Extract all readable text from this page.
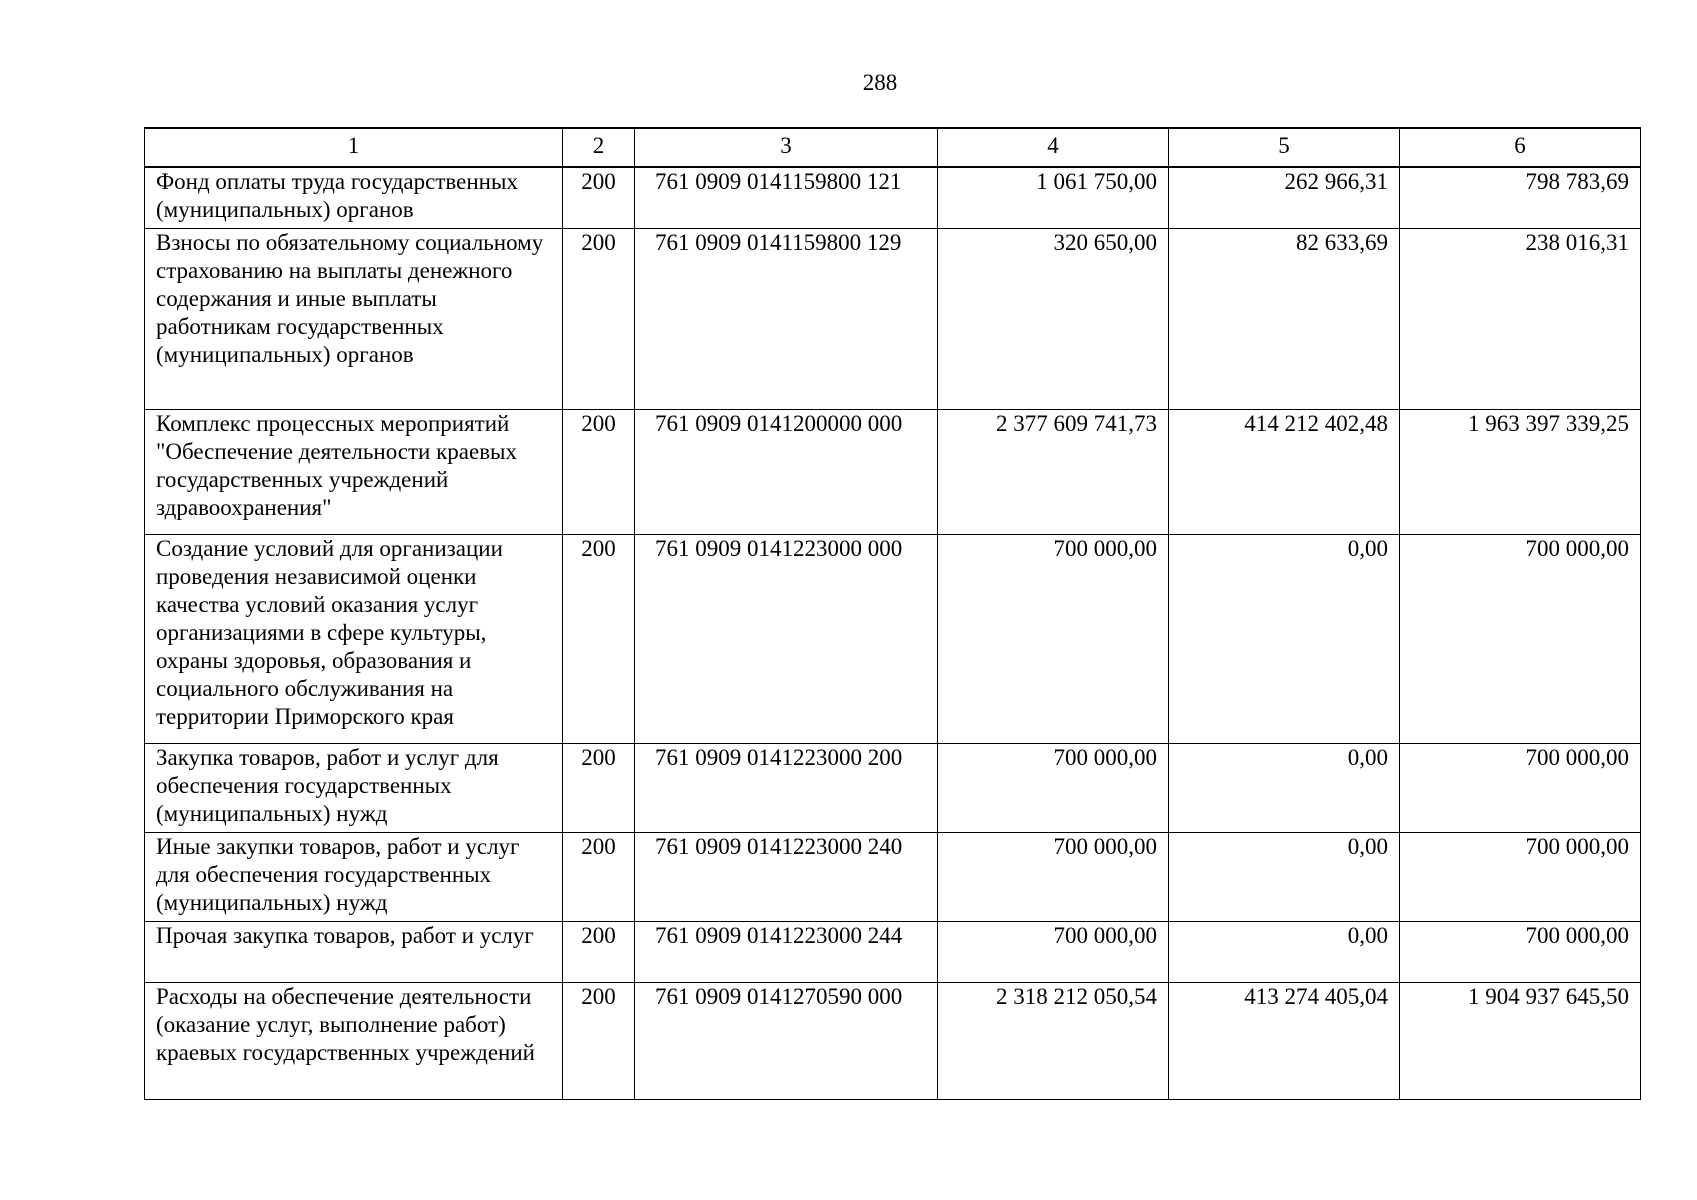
288
1	2	3	4	5	6
Фонд оплаты труда государственных (муниципальных) органов	200	761 0909 0141159800 121	1 061 750,00	262 966,31	798 783,69
Взносы по обязательному социальному страхованию на выплаты денежного содержания и иные выплаты работникам государственных (муниципальных) органов	200	761 0909 0141159800 129	320 650,00	82 633,69	238 016,31
Комплекс процессных мероприятий "Обеспечение деятельности краевых государственных учреждений здравоохранения"	200	761 0909 0141200000 000	2 377 609 741,73	414 212 402,48	1 963 397 339,25
Создание условий для организации проведения независимой оценки качества условий оказания услуг организациями в сфере культуры, охраны здоровья, образования и социального обслуживания на территории Приморского края	200	761 0909 0141223000 000	700 000,00	0,00	700 000,00
Закупка товаров, работ и услуг для обеспечения государственных (муниципальных) нужд	200	761 0909 0141223000 200	700 000,00	0,00	700 000,00
Иные закупки товаров, работ и услуг для обеспечения государственных (муниципальных) нужд	200	761 0909 0141223000 240	700 000,00	0,00	700 000,00
Прочая закупка товаров, работ и услуг	200	761 0909 0141223000 244	700 000,00	0,00	700 000,00
Расходы на обеспечение деятельности (оказание услуг, выполнение работ) краевых государственных учреждений	200	761 0909 0141270590 000	2 318 212 050,54	413 274 405,04	1 904 937 645,50
